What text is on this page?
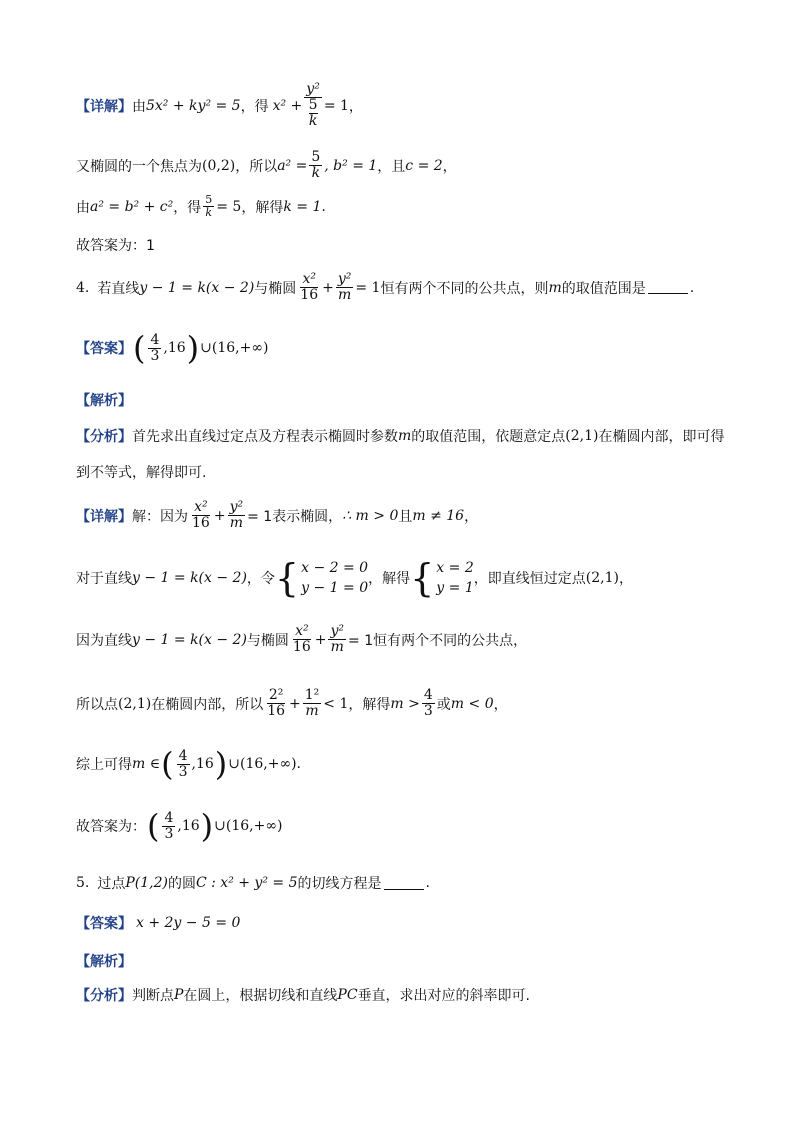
【详解】 由 5x² + ky² = 5 ，得 $x^2 + \frac{\text{y²}}{\frac{5}{k}} = 1$ ，
又椭圆的一个焦点为 (0,2) ，所以 $a^2 = \frac{5}{k}$ , b² = 1 ，且 c = 2 ，
由 a² = b² + c² ，得 $\frac{5}{k} = 5$ ，解得 k = 1 .
故答案为：1
4. 若直线 y − 1 = k(x − 2) 与椭圆 $\frac{\text{x²}}{16} + \frac{\text{y²}}{m} = 1$ 恒有两个不同的公共点，则 m 的取值范围是	.
【答案】 ( $\frac{4}{3} ,16$ ) ∪(16,+∞)
【解析】
【分析】 首先求出直线过定点及方程表示椭圆时参数 m 的取值范围，依题意定点 (2,1) 在椭圆内部，即可得
到不等式，解得即可.
【详解】 解：因为 $\frac{\text{x²}}{16} + \frac{\text{y²}}{m} = 1$表示椭圆， ∴ m > 0 且 m ≠ 16 ，
对于直线 y − 1 = k(x − 2) ，令 { x − 2 = 0
y − 1 = 0
，解得 { x = 2
y = 1
，即直线恒过定点 (2,1) ，
因为直线 y − 1 = k(x − 2) 与椭圆 $\frac{\text{x²}}{16} + \frac{\text{y²}}{m} = 1$恒有两个不同的公共点，
所以点 (2,1) 在椭圆内部，所以 $\frac{\text{2²}}{16} + \frac{\text{1²}}{m} < 1$ ，解得 $m > \frac{4}{3}$ 或 m < 0 ，
综上可得 m ∈ ( $\frac{4}{3} ,16$ ) ∪(16,+∞).
故答案为： ( $\frac{4}{3} ,16$ ) ∪(16,+∞)
5. 过点 P(1,2) 的圆 C : x² + y² = 5 的切线方程是	.
【答案】 x + 2y − 5 = 0
【解析】
【分析】 判断点 P 在圆上，根据切线和直线 PC 垂直，求出对应的斜率即可.
